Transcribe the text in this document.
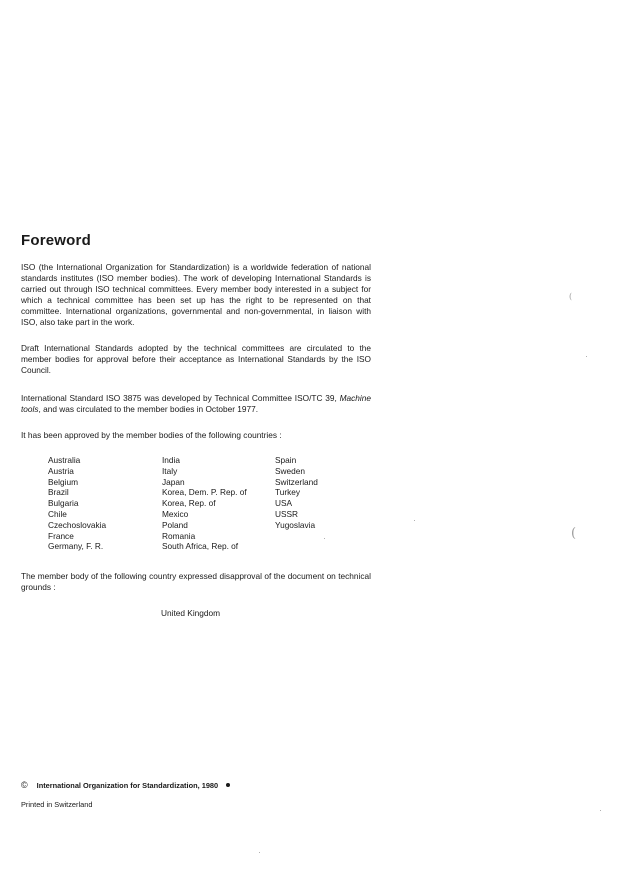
Foreword

ISO (the International Organization for Standardization) is a worldwide federation of national standards institutes (ISO member bodies). The work of developing International Standards is carried out through ISO technical committees. Every member body interested in a subject for which a technical committee has been set up has the right to be represented on that committee. International organizations, governmental and non-governmental, in liaison with ISO, also take part in the work.

Draft International Standards adopted by the technical committees are circulated to the member bodies for approval before their acceptance as International Standards by the ISO Council.

International Standard ISO 3875 was developed by Technical Committee ISO/TC 39, Machine tools, and was circulated to the member bodies in October 1977.

It has been approved by the member bodies of the following countries :

Australia
Austria
Belgium
Brazil
Bulgaria
Chile
Czechoslovakia
France
Germany, F. R.
India
Italy
Japan
Korea, Dem. P. Rep. of
Korea, Rep. of
Mexico
Poland
Romania
South Africa, Rep. of
Spain
Sweden
Switzerland
Turkey
USA
USSR
Yugoslavia

The member body of the following country expressed disapproval of the document on technical grounds :

United Kingdom
© International Organization for Standardization, 1980
Printed in Switzerland
(
(
